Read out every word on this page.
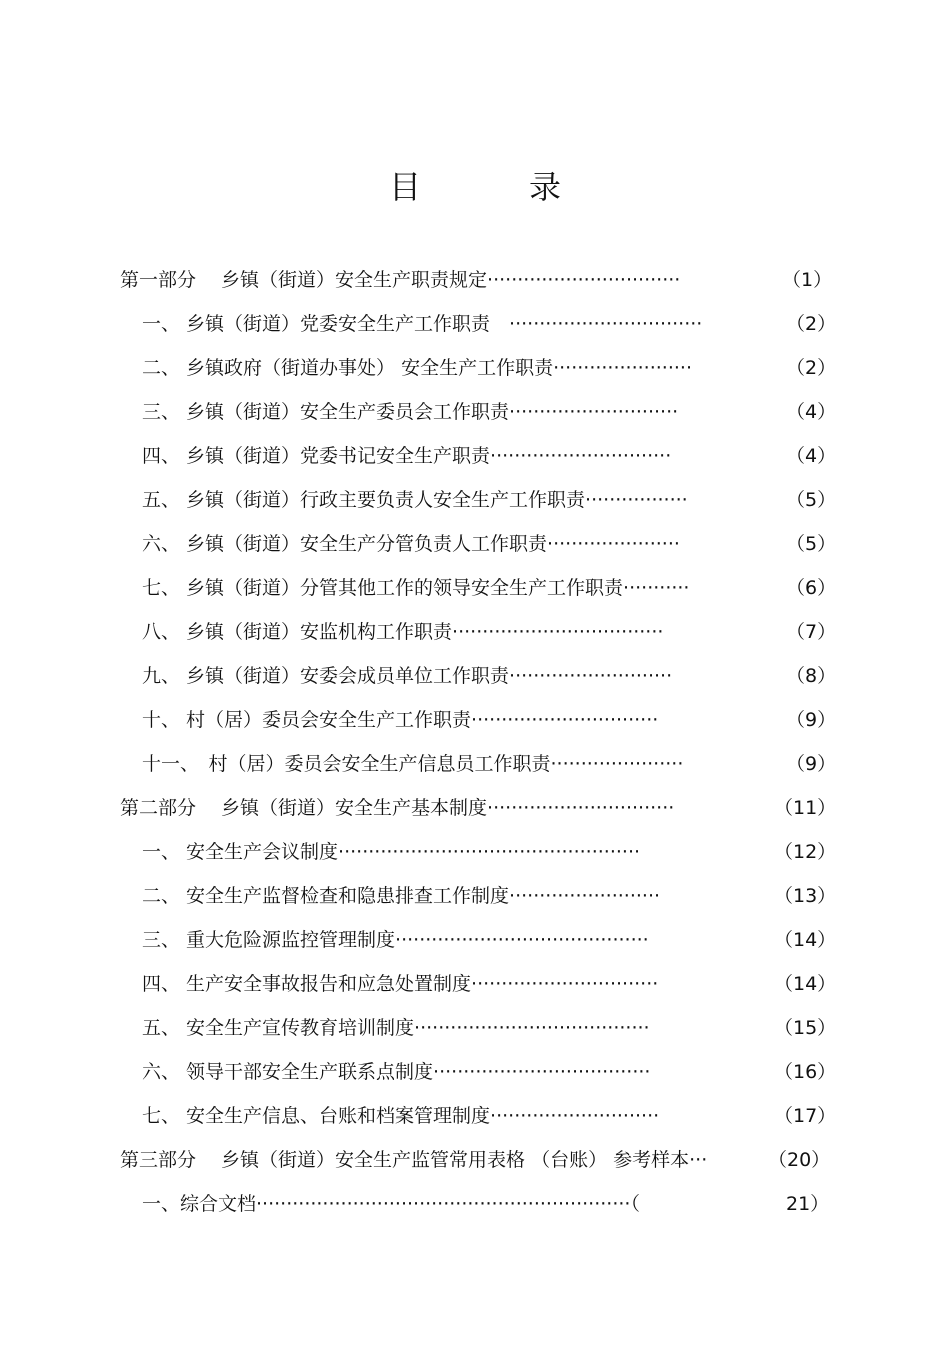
目　录
第一部分　 乡镇（街道）安全生产职责规定································	（1）
一、 乡镇（街道）党委安全生产工作职责　································	（2）
二、 乡镇政府（街道办事处） 安全生产工作职责·······················	（2）
三、 乡镇（街道）安全生产委员会工作职责····························	（4）
四、 乡镇（街道）党委书记安全生产职责······························	（4）
五、 乡镇（街道）行政主要负责人安全生产工作职责·················	（5）
六、 乡镇（街道）安全生产分管负责人工作职责······················	（5）
七、 乡镇（街道）分管其他工作的领导安全生产工作职责···········	（6）
八、 乡镇（街道）安监机构工作职责···································	（7）
九、 乡镇（街道）安委会成员单位工作职责···························	（8）
十、 村（居）委员会安全生产工作职责·······························	（9）
十一、　村（居）委员会安全生产信息员工作职责······················	（9）
第二部分　 乡镇（街道）安全生产基本制度·······························	（11）
一、 安全生产会议制度··················································	（12）
二、 安全生产监督检查和隐患排查工作制度·························	（13）
三、 重大危险源监控管理制度··········································	（14）
四、 生产安全事故报告和应急处置制度·······························	（14）
五、 安全生产宣传教育培训制度·······································	（15）
六、 领导干部安全生产联系点制度····································	（16）
七、 安全生产信息、台账和档案管理制度····························	（17）
第三部分　 乡镇（街道）安全生产监管常用表格 （台账） 参考样本···	（20）
一、综合文档······························································（	21）
